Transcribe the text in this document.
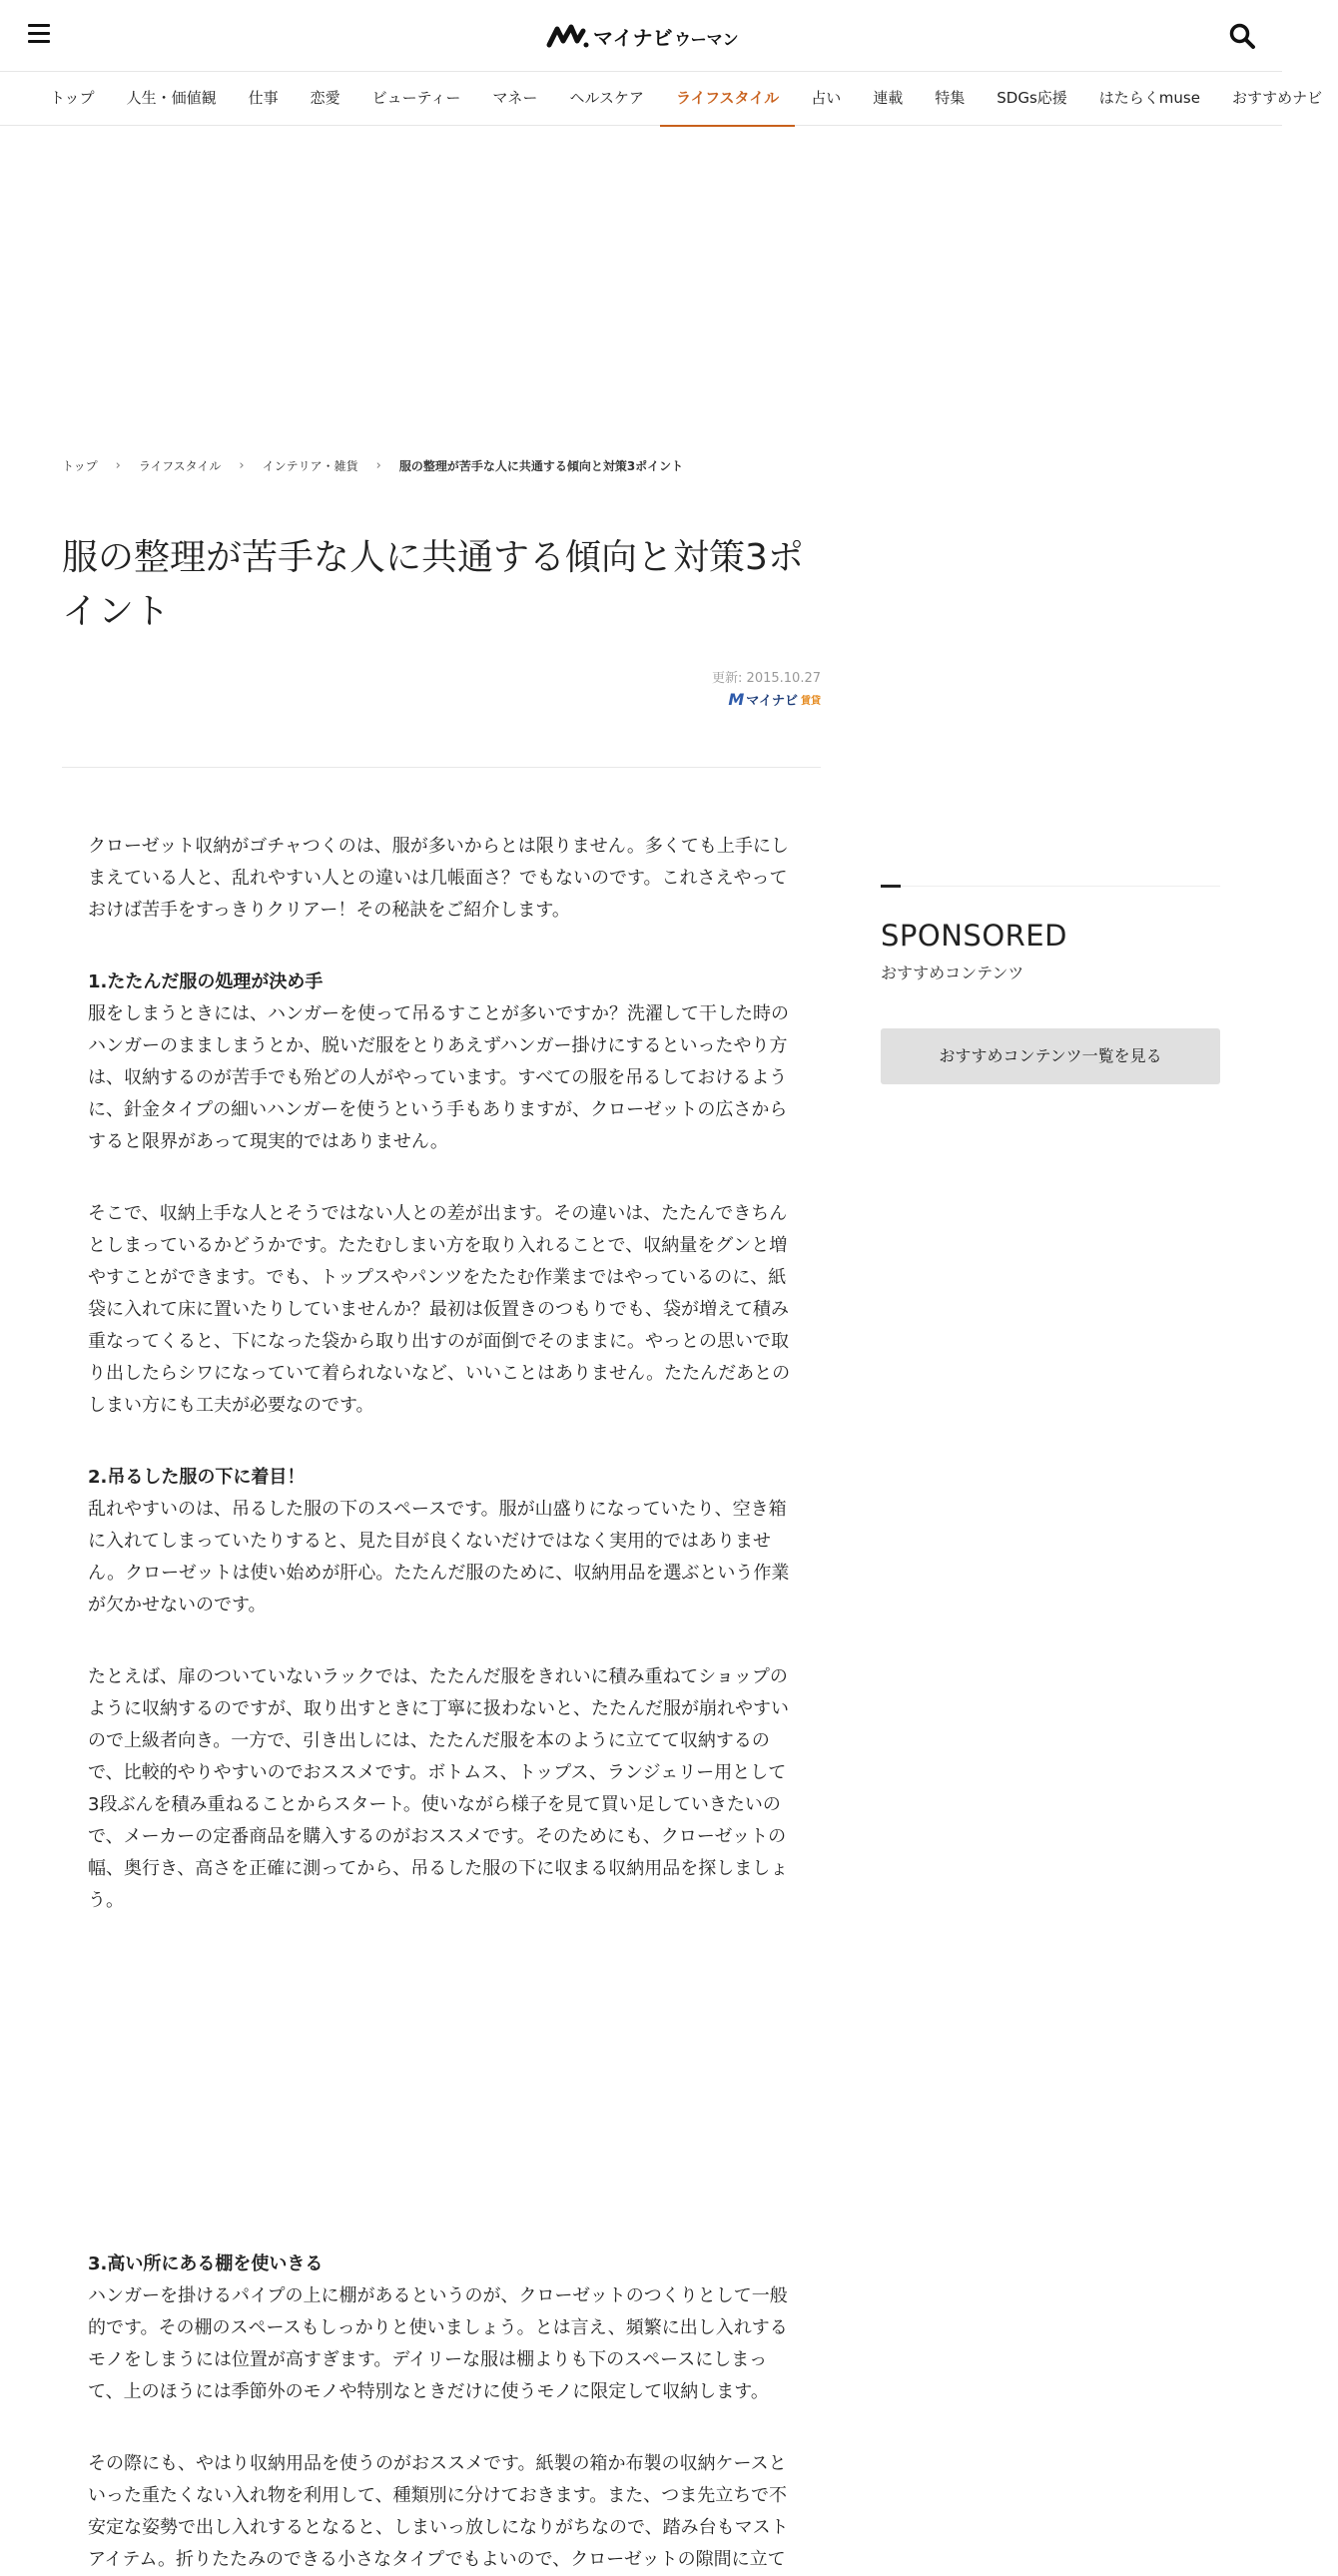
マイナビ ウーマン
トップ	人生・価値観	仕事	恋愛	ビューティー	マネー	ヘルスケア	ライフスタイル	占い	連載	特集	SDGs応援	はたらくmuse	おすすめナビ
トップ › ライフスタイル › インテリア・雑貨 › 服の整理が苦手な人に共通する傾向と対策3ポイント
服の整理が苦手な人に共通する傾向と対策3ポイント
更新: 2015.10.27
M マイナビ 賃貸

クローゼット収納がゴチャつくのは、服が多いからとは限りません。多くても上手にしまえている人と、乱れやすい人との違いは几帳面さ？でもないのです。これさえやっておけば苦手をすっきりクリアー！その秘訣をご紹介します。

1.たたんだ服の処理が決め手

服をしまうときには、ハンガーを使って吊るすことが多いですか？洗濯して干した時のハンガーのまましまうとか、脱いだ服をとりあえずハンガー掛けにするといったやり方は、収納するのが苦手でも殆どの人がやっています。すべての服を吊るしておけるように、針金タイプの細いハンガーを使うという手もありますが、クローゼットの広さからすると限界があって現実的ではありません。

そこで、収納上手な人とそうではない人との差が出ます。その違いは、たたんできちんとしまっているかどうかです。たたむしまい方を取り入れることで、収納量をグンと増やすことができます。でも、トップスやパンツをたたむ作業まではやっているのに、紙袋に入れて床に置いたりしていませんか？最初は仮置きのつもりでも、袋が増えて積み重なってくると、下になった袋から取り出すのが面倒でそのままに。やっとの思いで取り出したらシワになっていて着られないなど、いいことはありません。たたんだあとのしまい方にも工夫が必要なのです。

2.吊るした服の下に着目！

乱れやすいのは、吊るした服の下のスペースです。服が山盛りになっていたり、空き箱に入れてしまっていたりすると、見た目が良くないだけではなく実用的ではありません。クローゼットは使い始めが肝心。たたんだ服のために、収納用品を選ぶという作業が欠かせないのです。

たとえば、扉のついていないラックでは、たたんだ服をきれいに積み重ねてショップのように収納するのですが、取り出すときに丁寧に扱わないと、たたんだ服が崩れやすいので上級者向き。一方で、引き出しには、たたんだ服を本のように立てて収納するので、比較的やりやすいのでおススメです。ボトムス、トップス、ランジェリー用として3段ぶんを積み重ねることからスタート。使いながら様子を見て買い足していきたいので、メーカーの定番商品を購入するのがおススメです。そのためにも、クローゼットの幅、奥行き、高さを正確に測ってから、吊るした服の下に収まる収納用品を探しましょう。

3.高い所にある棚を使いきる

ハンガーを掛けるパイプの上に棚があるというのが、クローゼットのつくりとして一般的です。その棚のスペースもしっかりと使いましょう。とは言え、頻繁に出し入れするモノをしまうには位置が高すぎます。デイリーな服は棚よりも下のスペースにしまって、上のほうには季節外のモノや特別なときだけに使うモノに限定して収納します。

その際にも、やはり収納用品を使うのがおススメです。紙製の箱か布製の収納ケースといった重たくない入れ物を利用して、種類別に分けておきます。また、つま先立ちで不安定な姿勢で出し入れするとなると、しまいっ放しになりがちなので、踏み台もマストアイテム。折りたたみのできる小さなタイプでもよいので、クローゼットの隙間に立て

SPONSORED
おすすめコンテンツ
おすすめコンテンツ一覧を見る
